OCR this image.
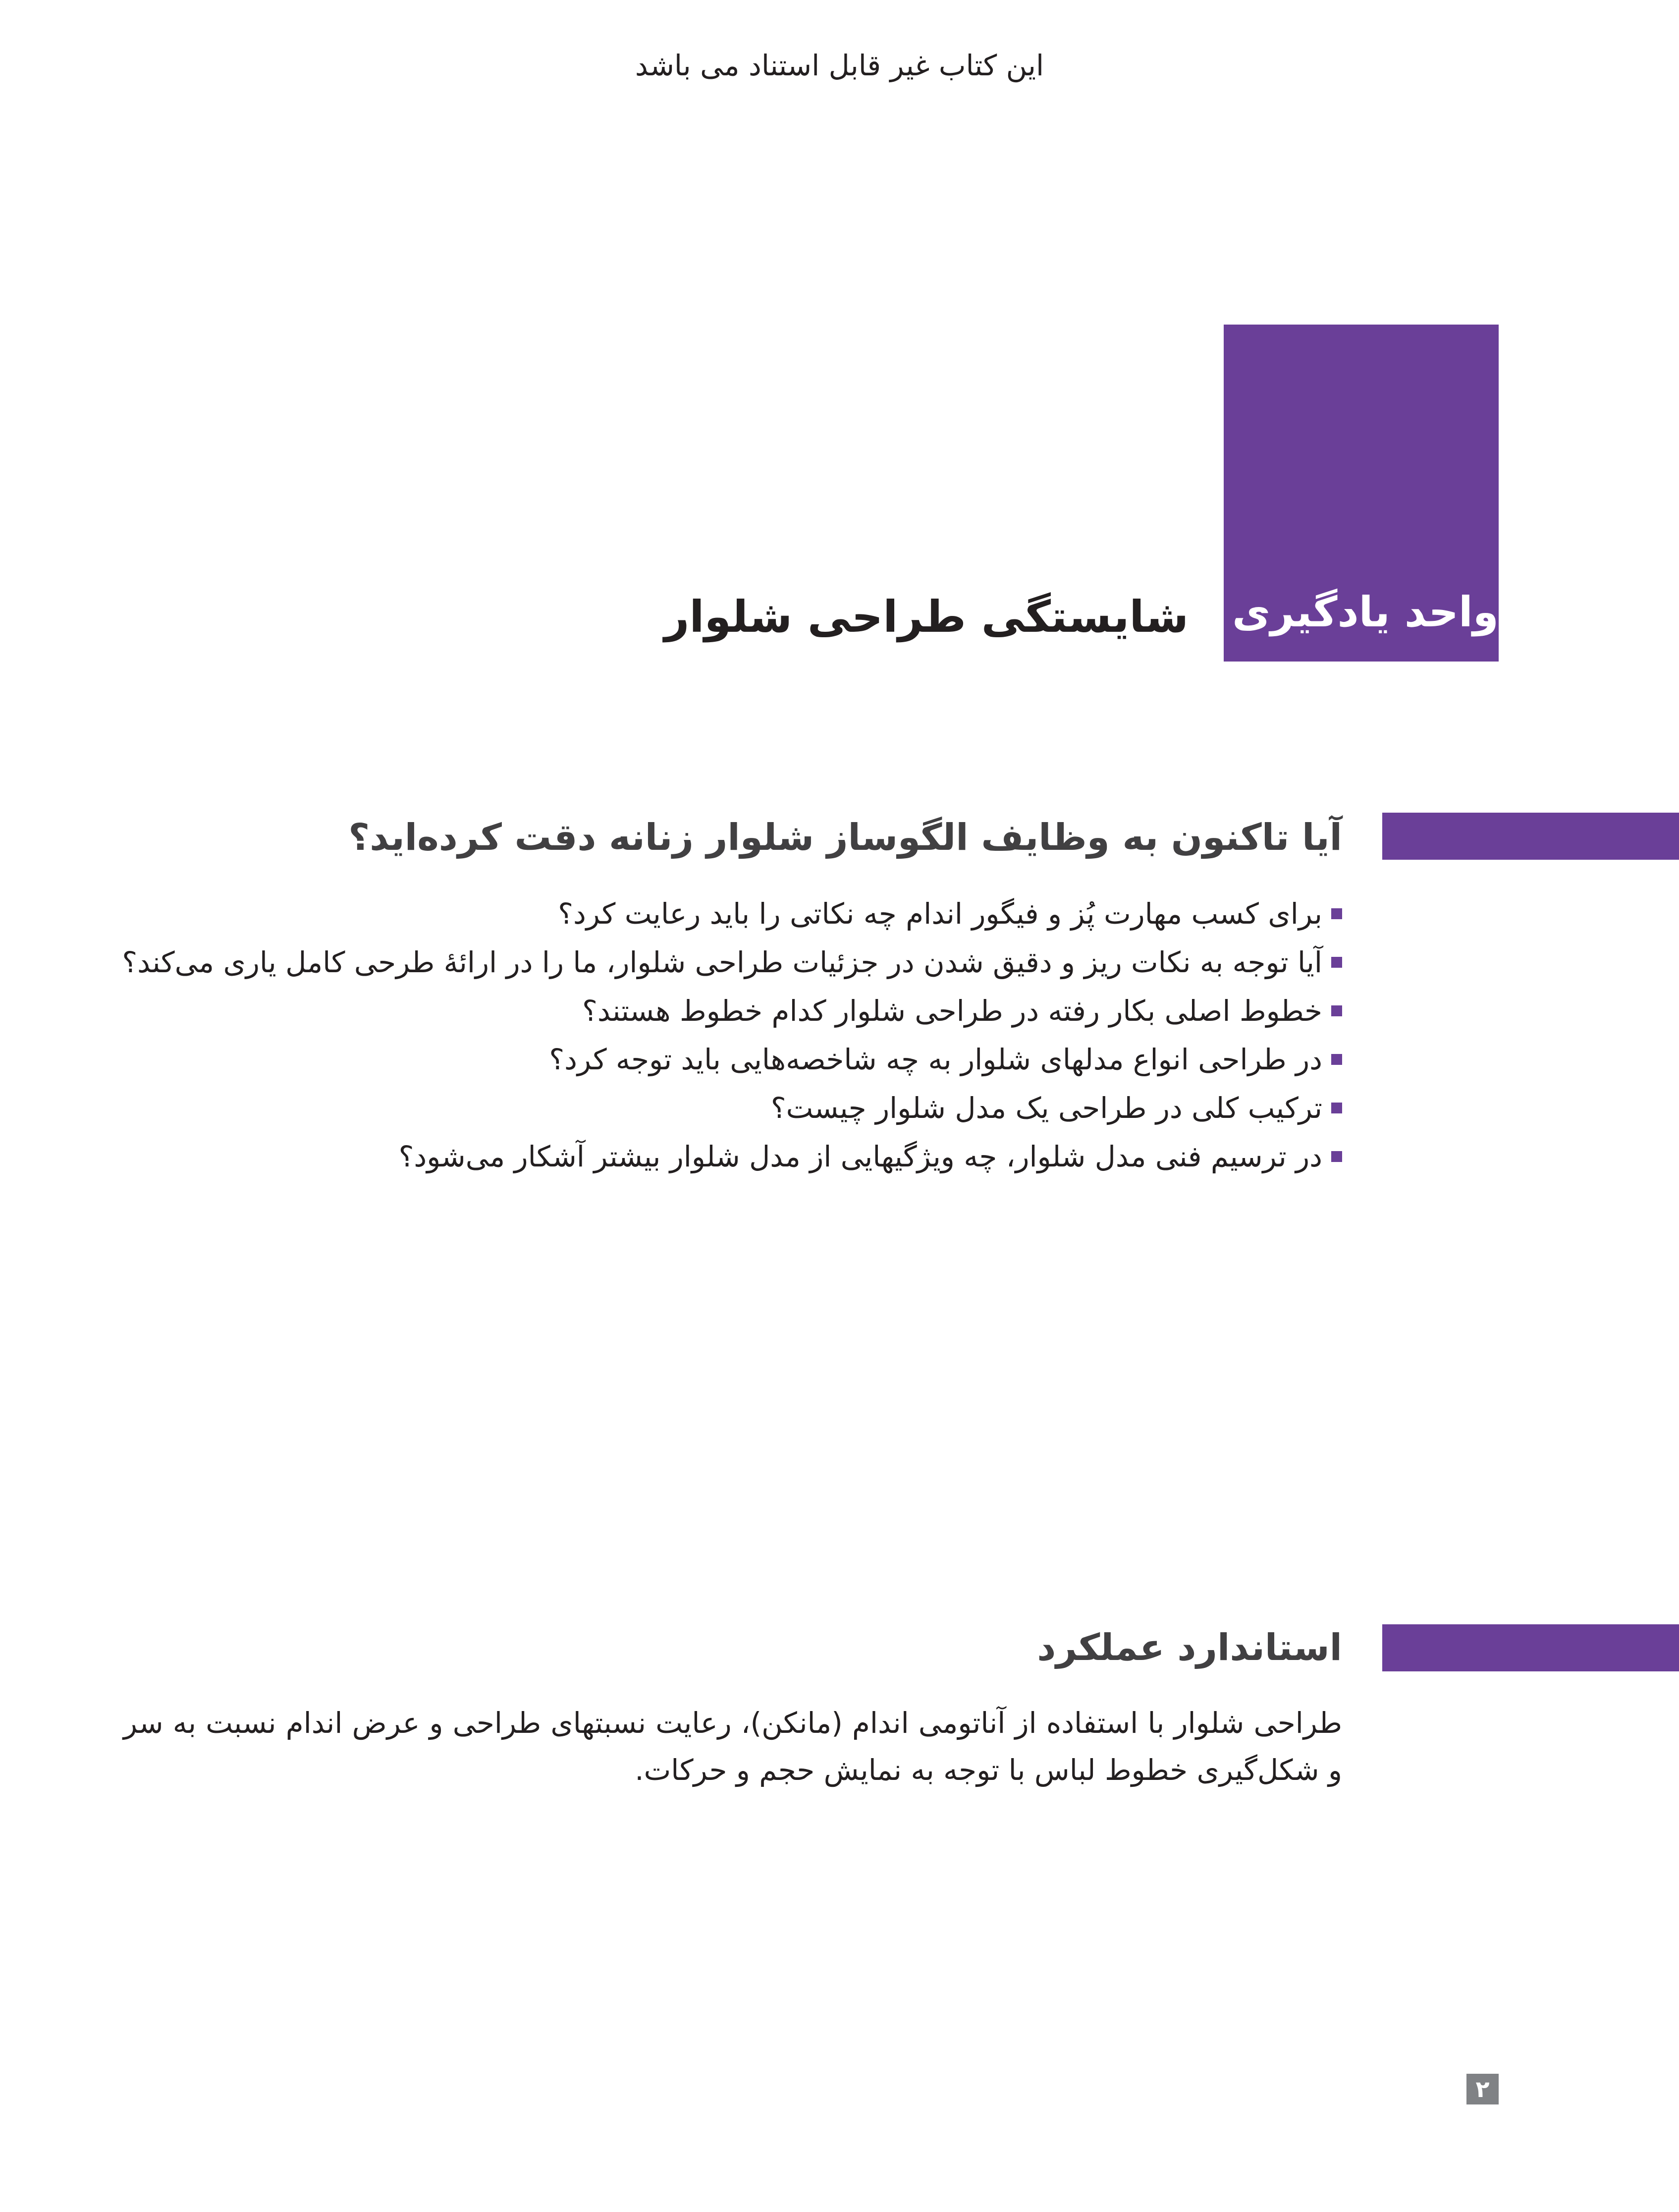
این کتاب غیر قابل استناد می باشد
واحد یادگیری
۱
شایستگی طراحی شلوار
آیا تاکنون به وظایف الگوساز شلوار زنانه دقت کرده‌اید؟
برای کسب مهارت پُز و فیگور اندام چه نکاتی را باید رعایت کرد؟
آیا توجه به نکات ریز و دقیق شدن در جزئیات طراحی شلوار، ما را در ارائۀ طرحی کامل یاری می‌کند؟
خطوط اصلی بکار رفته در طراحی شلوار کدام خطوط هستند؟
در طراحی انواع مدلهای شلوار به چه شاخصه‌هایی باید توجه کرد؟
ترکیب کلی در طراحی یک مدل شلوار چیست؟
در ترسیم فنی مدل شلوار، چه ویژگیهایی از مدل شلوار بیشتر آشکار می‌شود؟
استاندارد عملکرد

طراحی شلوار با استفاده از آناتومی اندام (مانکن)، رعایت نسبتهای طراحی و عرض اندام نسبت به سر و شکل‌گیری خطوط لباس با توجه به نمایش حجم و حرکات.

۲
